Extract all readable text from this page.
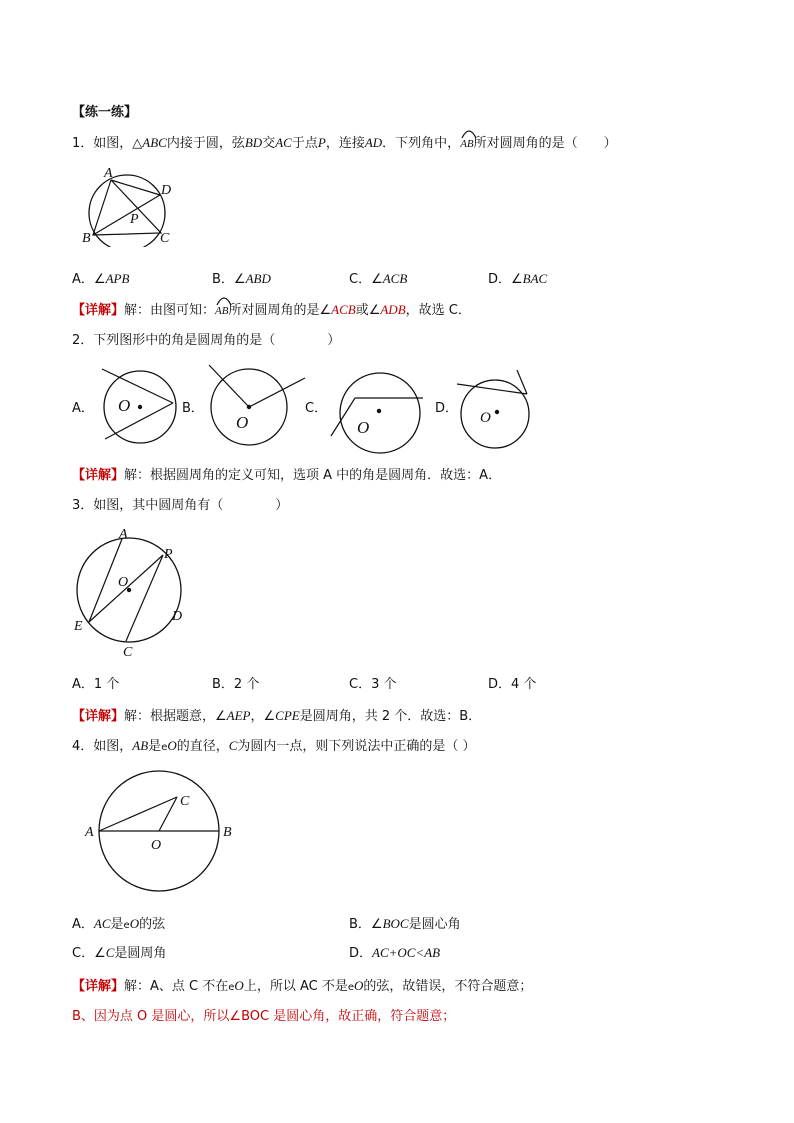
【练一练】
1．如图，△ABC内接于圆，弦BD交AC于点P，连接AD．下列角中，
AB所对圆周角的是（　　）
A
D
P
B	C
A．∠APB	B．∠ABD	C．∠ACB	D．∠BAC
【详解】解：由图可知：
AB所对圆周角的是∠ACB或∠ADB，故选 C．
2．下列图形中的角是圆周角的是（　　　　）
A． O	B．
O
C．
O
D．
O
【详解】解：根据圆周角的定义可知，选项 A 中的角是圆周角．故选：A．
3．如图，其中圆周角有（　　　　）
A
P
O
E
D
C
A．1 个	B．2 个	C．3 个	D．4 个
【详解】解：根据题意，∠AEP，∠CPE是圆周角，共 2 个．故选：B．
4．如图，AB是eO的直径，C为圆内一点，则下列说法中正确的是（ ）
C
A	B
O
A．AC是eO的弦	B．∠BOC是圆心角
C．∠C是圆周角	D．AC+OC<AB
【详解】解：A、点 C 不在eO上，所以 AC 不是eO的弦，故错误，不符合题意；
B、因为点 O 是圆心，所以∠BOC 是圆心角，故正确，符合题意；
